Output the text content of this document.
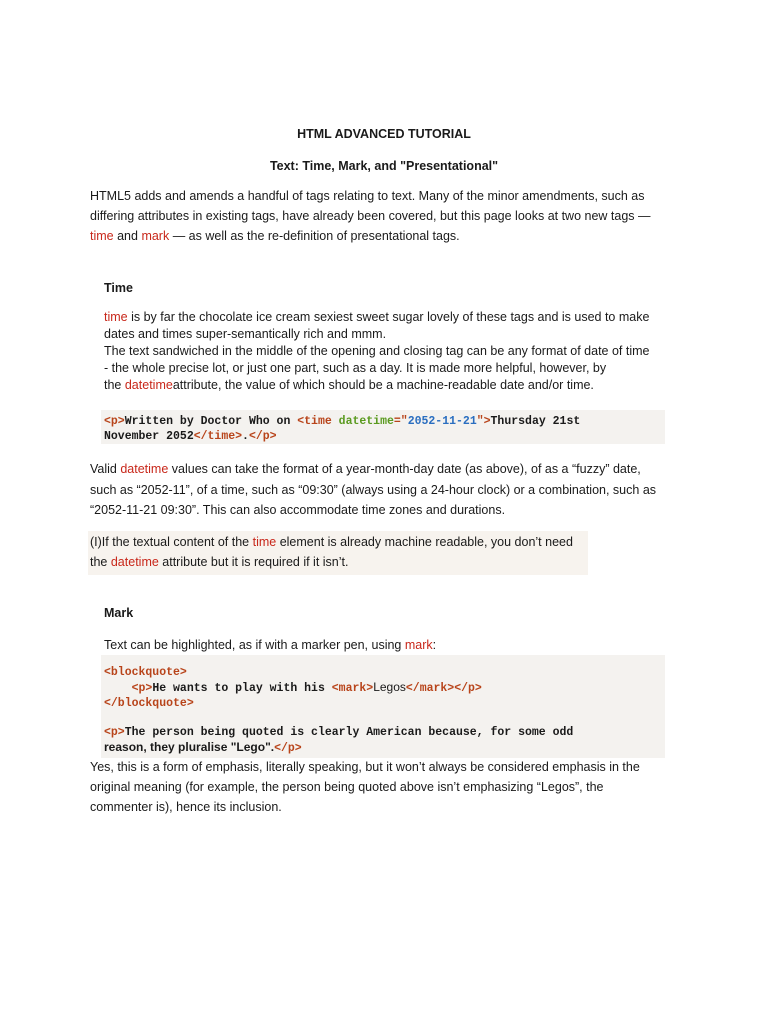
HTML ADVANCED TUTORIAL
Text: Time, Mark, and "Presentational"
HTML5 adds and amends a handful of tags relating to text. Many of the minor amendments, such as
differing attributes in existing tags, have already been covered, but this page looks at two new tags —
time and mark — as well as the re-definition of presentational tags.
Time
time is by far the chocolate ice cream sexiest sweet sugar lovely of these tags and is used to make
dates and times super-semantically rich and mmm.
The text sandwiched in the middle of the opening and closing tag can be any format of date of time
- the whole precise lot, or just one part, such as a day. It is made more helpful, however, by
the datetimeattribute, the value of which should be a machine-readable date and/or time.
<p>Written by Doctor Who on <time datetime="2052-11-21">Thursday 21st
November 2052</time>.</p>
Valid datetime values can take the format of a year-month-day date (as above), of as a “fuzzy” date,
such as “2052-11”, of a time, such as “09:30” (always using a 24-hour clock) or a combination, such as
“2052-11-21 09:30”. This can also accommodate time zones and durations.
(I)If the textual content of the time element is already machine readable, you don’t need
the datetime attribute but it is required if it isn’t.
Mark
Text can be highlighted, as if with a marker pen, using mark:
<blockquote>
<p>He wants to play with his <mark>Legos</mark></p>
</blockquote>
<p>The person being quoted is clearly American because, for some odd
reason, they pluralise "Lego".</p>
Yes, this is a form of emphasis, literally speaking, but it won’t always be considered emphasis in the
original meaning (for example, the person being quoted above isn’t emphasizing “Legos”, the
commenter is), hence its inclusion.
